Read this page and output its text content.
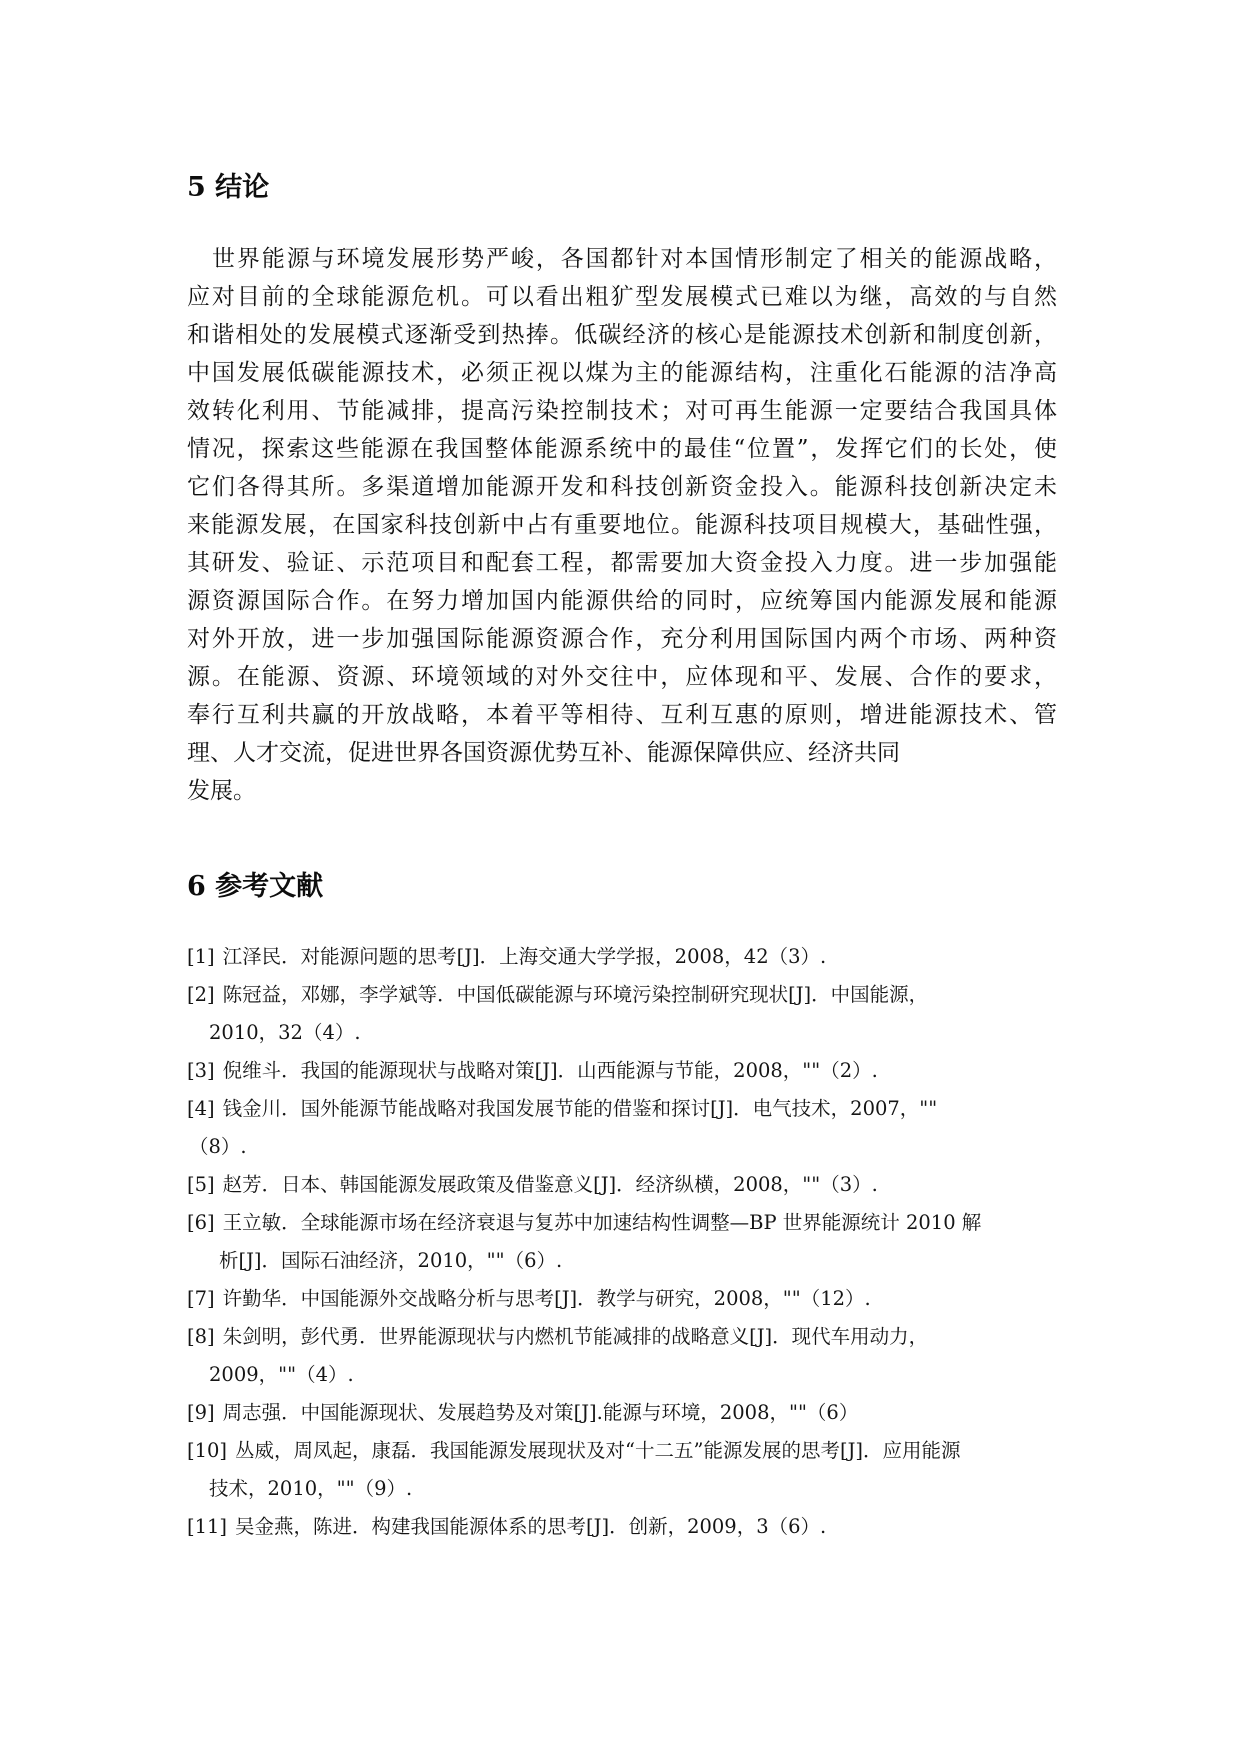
5 结论
世界能源与环境发展形势严峻，各国都针对本国情形制定了相关的能源战略，
应对目前的全球能源危机。可以看出粗犷型发展模式已难以为继，高效的与自然
和谐相处的发展模式逐渐受到热捧。低碳经济的核心是能源技术创新和制度创新，
中国发展低碳能源技术，必须正视以煤为主的能源结构，注重化石能源的洁净高
效转化利用、节能减排，提高污染控制技术；对可再生能源一定要结合我国具体
情况，探索这些能源在我国整体能源系统中的最佳“位置”，发挥它们的长处，使
它们各得其所。多渠道增加能源开发和科技创新资金投入。能源科技创新决定未
来能源发展，在国家科技创新中占有重要地位。能源科技项目规模大，基础性强，
其研发、验证、示范项目和配套工程，都需要加大资金投入力度。进一步加强能
源资源国际合作。在努力增加国内能源供给的同时，应统筹国内能源发展和能源
对外开放，进一步加强国际能源资源合作，充分利用国际国内两个市场、两种资
源。在能源、资源、环境领域的对外交往中，应体现和平、发展、合作的要求，
奉行互利共赢的开放战略，本着平等相待、互利互惠的原则，增进能源技术、管
理、人才交流，促进世界各国资源优势互补、能源保障供应、经济共同
发展。
6 参考文献
[1] 江泽民．对能源问题的思考[J]．上海交通大学学报，2008，42（3）.
[2] 陈冠益，邓娜，李学斌等．中国低碳能源与环境污染控制研究现状[J]．中国能源，
2010，32（4）.
[3] 倪维斗．我国的能源现状与战略对策[J]．山西能源与节能，2008，""（2）.
[4] 钱金川．国外能源节能战略对我国发展节能的借鉴和探讨[J]．电气技术，2007，""
（8）.
[5] 赵芳．日本、韩国能源发展政策及借鉴意义[J]．经济纵横，2008，""（3）.
[6] 王立敏．全球能源市场在经济衰退与复苏中加速结构性调整—BP 世界能源统计 2010 解
析[J]．国际石油经济，2010，""（6）.
[7] 许勤华．中国能源外交战略分析与思考[J]．教学与研究，2008，""（12）.
[8] 朱剑明，彭代勇．世界能源现状与内燃机节能减排的战略意义[J]．现代车用动力，
2009，""（4）.
[9] 周志强．中国能源现状、发展趋势及对策[J].能源与环境，2008，""（6）
[10] 丛威，周凤起，康磊．我国能源发展现状及对“十二五”能源发展的思考[J]．应用能源
技术，2010，""（9）.
[11] 吴金燕，陈进．构建我国能源体系的思考[J]．创新，2009，3（6）.
